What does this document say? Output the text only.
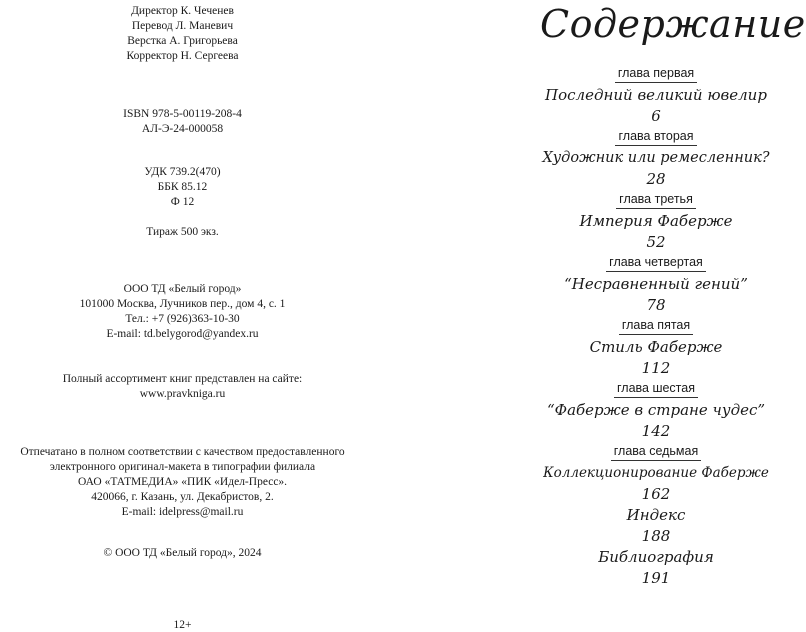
Директор К. Чеченев
Перевод Л. Маневич
Верстка А. Григорьева
Корректор Н. Сергеева
ISBN 978-5-00119-208-4
АЛ-Э-24-000058
УДК 739.2(470)
ББК 85.12
Ф 12
Тираж 500 экз.
ООО ТД «Белый город»
101000 Москва, Лучников пер., дом 4, с. 1
Тел.: +7 (926)363-10-30
E-mail: td.belygorod@yandex.ru
Полный ассортимент книг представлен на сайте:
www.pravkniga.ru
Отпечатано в полном соответствии с качеством предоставленного
электронного оригинал-макета в типографии филиала
ОАО «ТАТМЕДИА» «ПИК «Идел-Пресс».
420066, г. Казань, ул. Декабристов, 2.
E-mail: idelpress@mail.ru
© ООО ТД «Белый город», 2024
12+
Содержание
глава первая
Последний великий ювелир
6
глава вторая
Художник или ремесленник?
28
глава третья
Империя Фаберже
52
глава четвертая
“Несравненный гений”
78
глава пятая
Стиль Фаберже
112
глава шестая
“Фаберже в стране чудес”
142
глава седьмая
Коллекционирование Фаберже
162
Индекс
188
Библиография
191
